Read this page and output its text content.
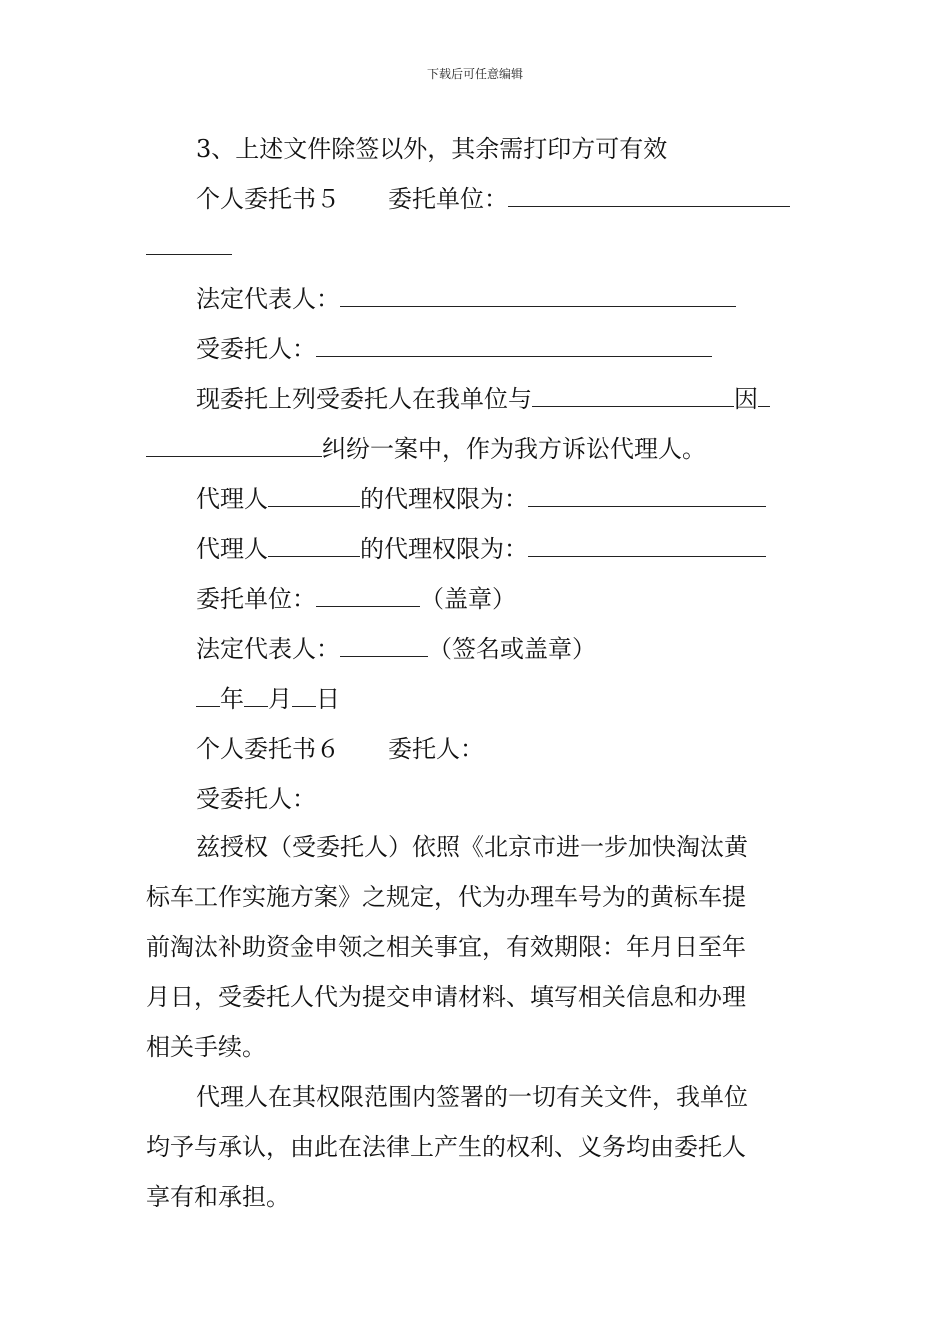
下载后可任意编辑

3、上述文件除签以外，其余需打印方可有效

个人委托书５ 委托单位：

法定代表人：

受委托人：

现委托上列受委托人在我单位与	因

纠纷一案中，作为我方诉讼代理人。

代理人	的代理权限为：

代理人	的代理权限为：

委托单位：	（盖章）

法定代表人：	（签名或盖章）

年 月 日

个人委托书６ 委托人：

受委托人：

兹授权（受委托人）依照《北京市进一步加快淘汰黄

标车工作实施方案》之规定，代为办理车号为的黄标车提

前淘汰补助资金申领之相关事宜，有效期限：年月日至年

月日，受委托人代为提交申请材料、填写相关信息和办理

相关手续。

代理人在其权限范围内签署的一切有关文件，我单位

均予与承认，由此在法律上产生的权利、义务均由委托人

享有和承担。
